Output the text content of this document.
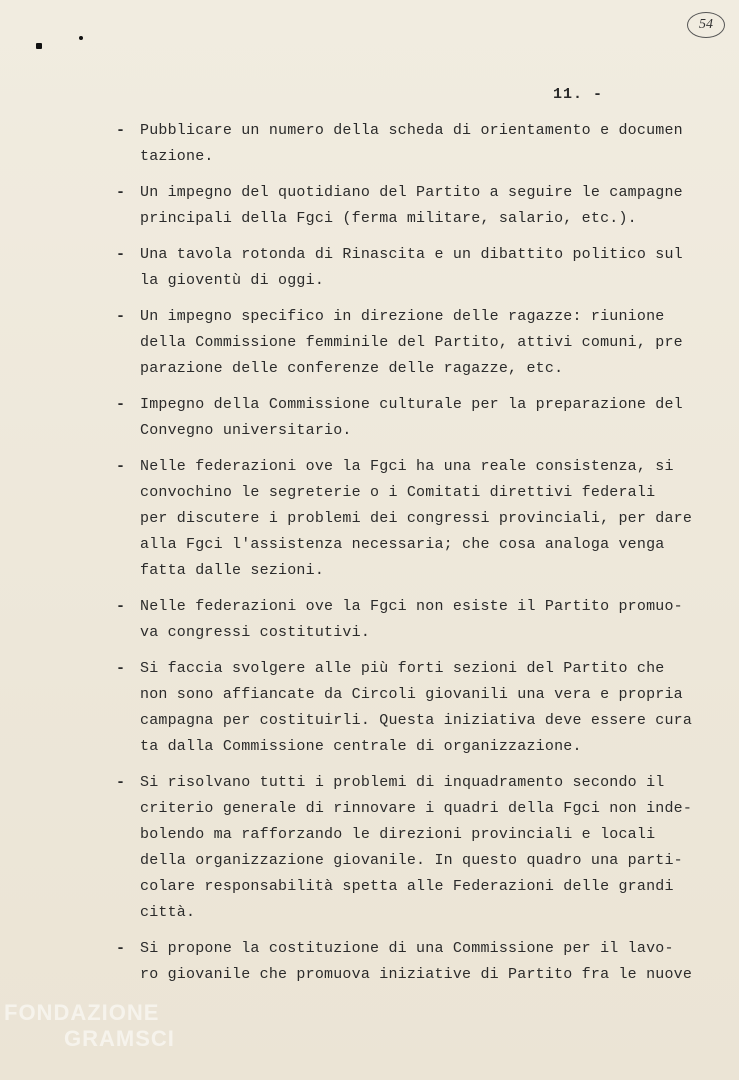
54
11. -
- Pubblicare un numero della scheda di orientamento e documen
tazione.
- Un impegno del quotidiano del Partito a seguire le campagne
principali della Fgci (ferma militare, salario, etc.).
- Una tavola rotonda di Rinascita e un dibattito politico sul
la gioventù di oggi.
- Un impegno specifico in direzione delle ragazze: riunione
della Commissione femminile del Partito, attivi comuni, pre
parazione delle conferenze delle ragazze, etc.
- Impegno della Commissione culturale per la preparazione del
Convegno universitario.
- Nelle federazioni ove la Fgci ha una reale consistenza, si
convochino le segreterie o i Comitati direttivi federali
per discutere i problemi dei congressi provinciali, per dare
alla Fgci l'assistenza necessaria; che cosa analoga venga
fatta dalle sezioni.
- Nelle federazioni ove la Fgci non esiste il Partito promuo-
va congressi costitutivi.
- Si faccia svolgere alle più forti sezioni del Partito che
non sono affiancate da Circoli giovanili una vera e propria
campagna per costituirli. Questa iniziativa deve essere cura
ta dalla Commissione centrale di organizzazione.
- Si risolvano tutti i problemi di inquadramento secondo il
criterio generale di rinnovare i quadri della Fgci non inde-
bolendo ma rafforzando le direzioni provinciali e locali
della organizzazione giovanile. In questo quadro una parti-
colare responsabilità spetta alle Federazioni delle grandi
città.
- Si propone la costituzione di una Commissione per il lavo-
ro giovanile che promuova iniziative di Partito fra le nuove
FONDAZIONE
GRAMSCI
